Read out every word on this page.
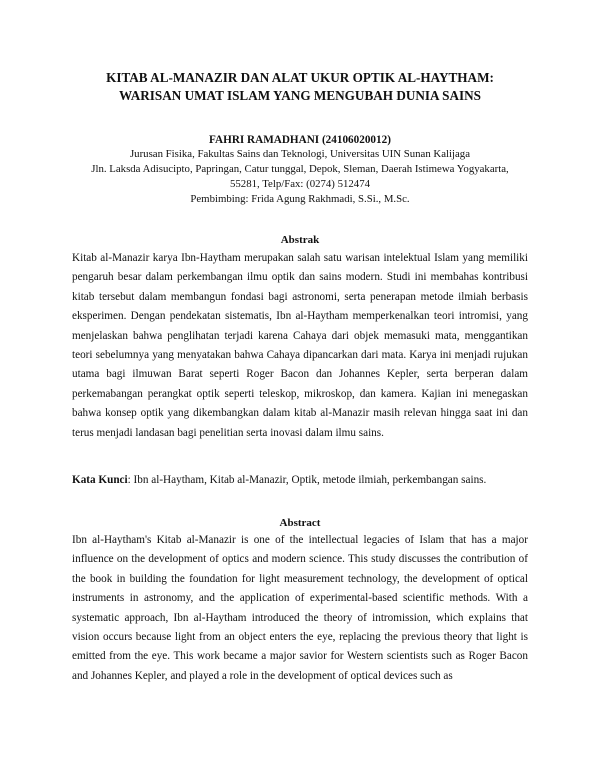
KITAB AL-MANAZIR DAN ALAT UKUR OPTIK AL-HAYTHAM:
WARISAN UMAT ISLAM YANG MENGUBAH DUNIA SAINS
FAHRI RAMADHANI (24106020012)
Jurusan Fisika, Fakultas Sains dan Teknologi, Universitas UIN Sunan Kalijaga
Jln. Laksda Adisucipto, Papringan, Catur tunggal, Depok, Sleman, Daerah Istimewa Yogyakarta,
55281, Telp/Fax: (0274) 512474
Pembimbing: Frida Agung Rakhmadi, S.Si., M.Sc.
Abstrak
Kitab al-Manazir karya Ibn-Haytham merupakan salah satu warisan intelektual Islam yang memiliki pengaruh besar dalam perkembangan ilmu optik dan sains modern. Studi ini membahas kontribusi kitab tersebut dalam membangun fondasi bagi astronomi, serta penerapan metode ilmiah berbasis eksperimen. Dengan pendekatan sistematis, Ibn al-Haytham memperkenalkan teori intromisi, yang menjelaskan bahwa penglihatan terjadi karena Cahaya dari objek memasuki mata, menggantikan teori sebelumnya yang menyatakan bahwa Cahaya dipancarkan dari mata. Karya ini menjadi rujukan utama bagi ilmuwan Barat seperti Roger Bacon dan Johannes Kepler, serta berperan dalam perkemabangan perangkat optik seperti teleskop, mikroskop, dan kamera. Kajian ini menegaskan bahwa konsep optik yang dikembangkan dalam kitab al-Manazir masih relevan hingga saat ini dan terus menjadi landasan bagi penelitian serta inovasi dalam ilmu sains.
Kata Kunci: Ibn al-Haytham, Kitab al-Manazir, Optik, metode ilmiah, perkembangan sains.
Abstract
Ibn al-Haytham's Kitab al-Manazir is one of the intellectual legacies of Islam that has a major influence on the development of optics and modern science. This study discusses the contribution of the book in building the foundation for light measurement technology, the development of optical instruments in astronomy, and the application of experimental-based scientific methods. With a systematic approach, Ibn al-Haytham introduced the theory of intromission, which explains that vision occurs because light from an object enters the eye, replacing the previous theory that light is emitted from the eye. This work became a major savior for Western scientists such as Roger Bacon and Johannes Kepler, and played a role in the development of optical devices such as
